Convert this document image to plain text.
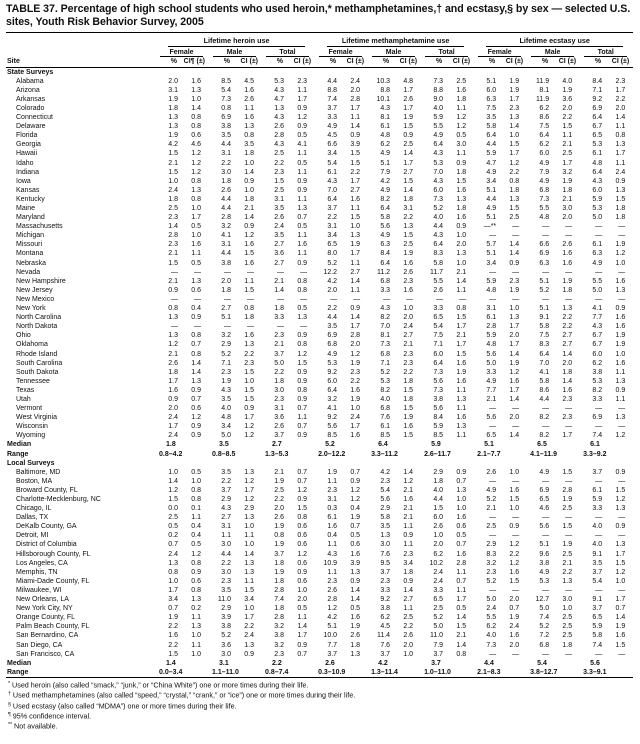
TABLE 37. Percentage of high school students who used heroin,* methamphetamines,† and ecstasy,§ by sex — selected U.S. sites, Youth Risk Behavior Survey, 2005
Site	Lifetime heroin use						Lifetime methamphetamine use						Lifetime ecstasy use					

	Female		Male		Total		Female		Male		Total		Female		Male		Total	

	%	CI¶ (±)	%	CI (±)	%	CI (±)	%	CI (±)	%	CI (±)	%	CI (±)	%	CI (±)	%	CI (±)	%	CI (±)
State Surveys																		
Alabama	2.0	1.6	8.5	4.5	5.3	2.3	4.4	2.4	10.3	4.8	7.3	2.5	5.1	1.9	11.9	4.0	8.4	2.3
Arizona	3.1	1.3	5.4	1.6	4.3	1.1	8.8	2.0	8.8	1.7	8.8	1.6	6.0	1.9	8.1	1.9	7.1	1.7
Arkansas	1.9	1.0	7.3	2.6	4.7	1.7	7.4	2.8	10.1	2.6	9.0	1.8	6.3	1.7	11.9	3.6	9.2	2.2
Colorado	1.8	1.4	0.8	1.1	1.3	0.9	3.7	1.7	4.3	1.7	4.0	1.1	7.5	2.3	6.2	2.0	6.9	2.0
Connecticut	1.3	0.8	6.9	1.6	4.3	1.2	3.3	1.1	8.1	1.9	5.9	1.2	3.5	1.3	8.6	2.2	6.4	1.4
Delaware	1.3	0.8	3.8	1.3	2.6	0.9	4.9	1.4	6.1	1.5	5.5	1.2	5.8	1.4	7.5	1.5	6.7	1.1
Florida	1.9	0.6	3.5	0.8	2.8	0.5	4.5	0.9	4.8	0.9	4.9	0.5	6.4	1.0	6.4	1.1	6.5	0.8
Georgia	4.2	4.6	4.4	3.5	4.3	4.1	6.6	3.9	6.2	2.5	6.4	3.0	4.4	1.5	6.2	2.1	5.3	1.3
Hawaii	1.5	1.2	3.1	1.8	2.5	1.1	3.4	1.5	4.9	1.4	4.3	1.1	5.9	1.7	6.0	2.5	6.1	1.7
Idaho	2.1	1.2	2.2	1.0	2.2	0.5	5.4	1.5	5.1	1.7	5.3	0.9	4.7	1.2	4.9	1.7	4.8	1.1
Indiana	1.5	1.2	3.0	1.4	2.3	1.1	6.1	2.2	7.9	2.7	7.0	1.8	4.9	2.2	7.9	3.2	6.4	2.4
Iowa	1.0	0.8	1.8	0.9	1.5	0.9	4.3	1.7	4.2	1.5	4.3	1.5	3.4	0.8	4.9	1.9	4.3	0.9
Kansas	2.4	1.3	2.6	1.0	2.5	0.9	7.0	2.7	4.9	1.4	6.0	1.6	5.1	1.8	6.8	1.8	6.0	1.3
Kentucky	1.8	0.8	4.4	1.8	3.1	1.1	6.4	1.6	8.2	1.8	7.3	1.3	4.4	1.3	7.3	2.1	5.9	1.5
Maine	2.5	1.0	4.4	2.1	3.5	1.3	3.7	1.1	6.4	3.1	5.2	1.8	4.9	1.5	5.5	3.0	5.3	1.8
Maryland	2.3	1.7	2.8	1.4	2.6	0.7	2.2	1.5	5.8	2.2	4.0	1.6	5.1	2.5	4.8	2.0	5.0	1.8
Massachusetts	1.4	0.5	3.2	0.9	2.4	0.5	3.1	1.0	5.6	1.3	4.4	0.9	—**	—	—	—	—	—
Michigan	2.8	1.0	4.1	1.2	3.5	1.1	3.4	1.3	4.9	1.5	4.3	1.0	—	—	—	—	—	—
Missouri	2.3	1.6	3.1	1.6	2.7	1.6	6.5	1.9	6.3	2.5	6.4	2.0	5.7	1.4	6.6	2.6	6.1	1.9
Montana	2.1	1.1	4.4	1.5	3.6	1.1	8.0	1.7	8.4	1.9	8.3	1.3	5.1	1.4	6.9	1.6	6.3	1.2
Nebraska	1.5	0.5	3.8	1.6	2.7	0.9	5.2	1.1	6.4	1.6	5.8	1.0	3.4	0.9	6.3	1.6	4.9	1.0
Nevada	—	—	—	—	—	—	12.2	2.7	11.2	2.6	11.7	2.1	—	—	—	—	—	—
New Hampshire	2.1	1.3	2.0	1.1	2.1	0.8	4.2	1.4	6.8	2.3	5.5	1.4	5.9	2.3	5.1	1.9	5.5	1.6
New Jersey	0.9	0.6	1.8	1.5	1.4	0.8	2.0	1.1	3.3	1.6	2.6	1.1	4.8	1.9	5.2	1.8	5.0	1.3
New Mexico	—	—	—	—	—	—	—	—	—	—	—	—	—	—	—	—	—	—
New York	0.8	0.4	2.7	0.8	1.8	0.5	2.2	0.9	4.3	1.0	3.3	0.8	3.1	1.0	5.1	1.3	4.1	0.9
North Carolina	1.3	0.9	5.1	1.8	3.3	1.3	4.4	1.4	8.2	2.0	6.5	1.5	6.1	1.3	9.1	2.2	7.7	1.6
North Dakota	—	—	—	—	—	—	3.5	1.7	7.0	2.4	5.4	1.7	2.8	1.7	5.8	2.2	4.3	1.6
Ohio	1.3	0.8	3.2	1.6	2.3	0.9	6.9	2.8	8.1	2.7	7.5	2.1	5.9	2.0	7.5	2.7	6.7	1.9
Oklahoma	1.2	0.7	2.9	1.3	2.1	0.8	6.8	2.0	7.3	2.1	7.1	1.7	4.8	1.7	8.3	2.7	6.7	1.9
Rhode Island	2.1	0.8	5.2	2.2	3.7	1.2	4.9	1.2	6.8	2.3	6.0	1.5	5.6	1.4	6.4	1.4	6.0	1.0
South Carolina	2.6	1.4	7.1	2.3	5.0	1.5	5.3	1.9	7.1	2.3	6.4	1.6	5.0	1.9	7.0	2.0	6.2	1.6
South Dakota	1.8	1.4	2.3	1.5	2.2	0.9	9.2	2.3	5.2	2.2	7.3	1.9	3.3	1.2	4.1	1.8	3.8	1.1
Tennessee	1.7	1.3	1.9	1.0	1.8	0.9	6.0	2.2	5.3	1.8	5.6	1.6	4.9	1.6	5.8	1.4	5.3	1.3
Texas	1.6	0.9	4.3	1.5	3.0	0.8	6.4	1.6	8.2	1.5	7.3	1.1	7.7	1.7	8.6	1.6	8.2	0.9
Utah	0.9	0.7	3.5	1.5	2.3	0.9	3.2	1.9	4.0	1.8	3.8	1.3	2.1	1.4	4.4	2.3	3.3	1.1
Vermont	2.0	0.6	4.0	0.9	3.1	0.7	4.1	1.0	6.8	1.5	5.6	1.1	—	—	—	—	—	—
West Virginia	2.4	1.2	4.8	1.7	3.6	1.1	9.2	2.4	7.6	1.9	8.4	1.6	5.6	2.0	8.2	2.3	6.9	1.3
Wisconsin	1.7	0.9	3.4	1.2	2.6	0.7	5.6	1.7	6.1	1.6	5.9	1.3	—	—	—	—	—	—
Wyoming	2.4	0.9	5.0	1.2	3.7	0.9	8.5	1.6	8.5	1.5	8.5	1.1	6.5	1.4	8.2	1.7	7.4	1.2
Median	1.8		3.5		2.7		5.2		6.4		5.9		5.1		6.5		6.1	
Range	0.8–4.2		0.8–8.5		1.3–5.3		2.0–12.2		3.3–11.2		2.6–11.7		2.1–7.7		4.1–11.9		3.3–9.2	
Local Surveys																		
Baltimore, MD	1.0	0.5	3.5	1.3	2.1	0.7	1.9	0.7	4.2	1.4	2.9	0.9	2.6	1.0	4.9	1.5	3.7	0.9
Boston, MA	1.4	1.0	2.2	1.2	1.9	0.7	1.1	0.9	2.3	1.2	1.8	0.7	—	—	—	—	—	—
Broward County, FL	1.2	0.8	3.7	1.7	2.5	1.2	2.3	1.2	5.4	2.1	4.0	1.3	4.9	1.6	6.9	2.8	6.1	1.5
Charlotte-Mecklenburg, NC	1.5	0.8	2.9	1.2	2.2	0.9	3.1	1.2	5.6	1.6	4.4	1.0	5.2	1.5	6.5	1.9	5.9	1.2
Chicago, IL	0.0	0.1	4.3	2.9	2.0	1.5	0.3	0.4	2.9	2.1	1.5	1.0	2.1	1.0	4.6	2.5	3.3	1.3
Dallas, TX	2.5	1.1	2.7	1.3	2.6	0.8	6.1	1.9	5.8	2.1	6.0	1.6	—	—	—	—	—	—
DeKalb County, GA	0.5	0.4	3.1	1.0	1.9	0.6	1.6	0.7	3.5	1.1	2.6	0.6	2.5	0.9	5.6	1.5	4.0	0.9
Detroit, MI	0.2	0.4	1.1	1.1	0.8	0.6	0.4	0.5	1.3	0.9	1.0	0.5	—	—	—	—	—	—
District of Columbia	0.7	0.5	3.0	1.0	1.9	0.6	1.1	0.6	3.0	1.1	2.0	0.7	2.9	1.2	5.1	1.9	4.0	1.3
Hillsborough County, FL	2.4	1.2	4.4	1.4	3.7	1.2	4.3	1.6	7.6	2.3	6.2	1.6	8.3	2.2	9.6	2.5	9.1	1.7
Los Angeles, CA	1.3	0.8	2.2	1.3	1.8	0.6	10.9	3.9	9.5	3.4	10.2	2.8	3.2	1.2	3.8	2.1	3.5	1.5
Memphis, TN	0.8	0.9	3.0	1.3	1.9	0.9	1.1	1.3	3.7	1.8	2.4	1.1	2.3	1.6	4.9	2.2	3.7	1.2
Miami-Dade County, FL	1.0	0.6	2.3	1.1	1.8	0.6	2.3	0.9	2.3	0.9	2.4	0.7	5.2	1.5	5.3	1.3	5.4	1.0
Milwaukee, WI	1.7	0.8	3.5	1.5	2.8	1.0	2.6	1.4	3.3	1.4	3.3	1.1	—	—	—	—	—	—
New Orleans, LA	3.4	1.3	11.0	3.4	7.4	2.0	2.8	1.4	9.2	2.7	6.5	1.7	5.0	2.0	12.7	3.0	9.1	1.7
New York City, NY	0.7	0.2	2.9	1.0	1.8	0.5	1.2	0.5	3.8	1.1	2.5	0.5	2.4	0.7	5.0	1.0	3.7	0.7
Orange County, FL	1.9	1.1	3.9	1.7	2.8	1.1	4.2	1.6	6.2	2.5	5.2	1.4	5.5	1.9	7.4	2.5	6.5	1.4
Palm Beach County, FL	2.2	1.3	3.8	2.2	3.2	1.4	5.1	1.9	4.5	2.2	5.0	1.5	6.2	2.4	5.2	2.5	5.9	1.9
San Bernardino, CA	1.6	1.0	5.2	2.4	3.8	1.7	10.0	2.6	11.4	2.6	11.0	2.1	4.0	1.6	7.2	2.5	5.8	1.6
San Diego, CA	2.2	1.1	3.6	1.3	3.2	0.9	7.7	1.8	7.6	2.0	7.9	1.4	7.3	2.0	6.8	1.8	7.4	1.5
San Francisco, CA	1.5	1.0	3.0	0.9	2.3	0.7	3.7	1.3	3.7	1.0	3.7	0.8	—	—	—	—	—	—
Median	1.4		3.1		2.2		2.6		4.2		3.7		4.4		5.4		5.6	
Range	0.0–3.4		1.1–11.0		0.8–7.4		0.3–10.9		1.3–11.4		1.0–11.0		2.1–8.3		3.8–12.7		3.3–9.1	
* Used heroin (also called “smack,” “junk,” or “China White”) one or more times during their life.
† Used methamphetamines (also called “speed,” “crystal,” “crank,” or “ice”) one or more times during their life.
§ Used ecstasy (also called “MDMA”) one or more times during their life.
¶ 95% confidence interval.
** Not available.
